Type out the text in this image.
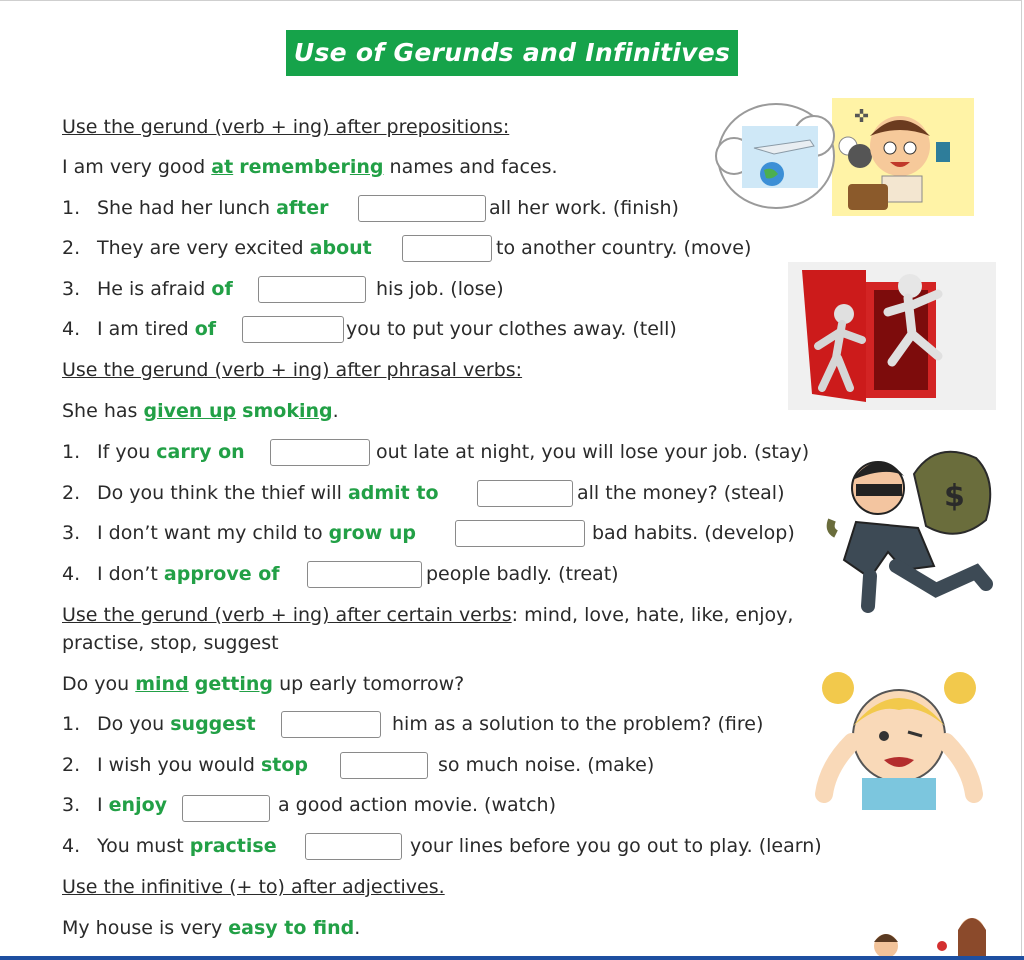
Use of Gerunds and Infinitives
Use the gerund (verb + ing) after prepositions:
I am very good at
remember ing names and faces.
1. She had her lunch after	all her work. (finish)
2. They are very excited about	to another country. (move)
3. He is afraid of	his job. (lose)
4. I am tired of	you to put your clothes away. (tell)
Use the gerund (verb + ing) after phrasal verbs:
She has given up
smok ing .
1. If you carry on	out late at night, you will lose your job. (stay)
2. Do you think the thief will admit to	all the money? (steal)
3. I don’t want my child to grow up	bad habits. (develop)
4. I don’t approve of	people badly. (treat)
Use the gerund (verb + ing) after certain verbs : mind, love, hate, like, enjoy,
practise, stop, suggest
Do you mind
gett ing up early tomorrow?
1. Do you suggest	him as a solution to the problem? (fire)
2. I wish you would stop	so much noise. (make)
3. I enjoy	a good action movie. (watch)
4. You must practise	your lines before you go out to play. (learn)
Use the infinitive (+ to) after adjectives.
My house is very easy to find .
✜
$
